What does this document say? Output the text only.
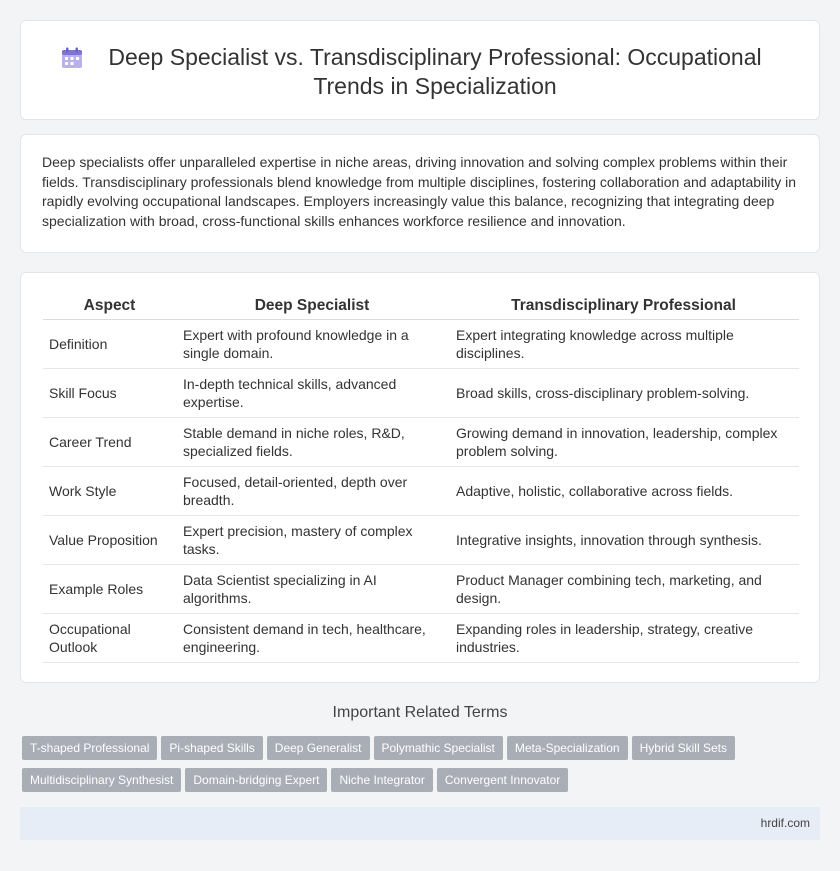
Deep Specialist vs. Transdisciplinary Professional: Occupational Trends in Specialization

Deep specialists offer unparalleled expertise in niche areas, driving innovation and solving complex problems within their fields. Transdisciplinary professionals blend knowledge from multiple disciplines, fostering collaboration and adaptability in rapidly evolving occupational landscapes. Employers increasingly value this balance, recognizing that integrating deep specialization with broad, cross-functional skills enhances workforce resilience and innovation.

Aspect	Deep Specialist	Transdisciplinary Professional
Definition	Expert with profound knowledge in a single domain.	Expert integrating knowledge across multiple disciplines.
Skill Focus	In-depth technical skills, advanced expertise.	Broad skills, cross-disciplinary problem-solving.
Career Trend	Stable demand in niche roles, R&D, specialized fields.	Growing demand in innovation, leadership, complex problem solving.
Work Style	Focused, detail-oriented, depth over breadth.	Adaptive, holistic, collaborative across fields.
Value Proposition	Expert precision, mastery of complex tasks.	Integrative insights, innovation through synthesis.
Example Roles	Data Scientist specializing in AI algorithms.	Product Manager combining tech, marketing, and design.
Occupational Outlook	Consistent demand in tech, healthcare, engineering.	Expanding roles in leadership, strategy, creative industries.
Important Related Terms
T-shaped Professional Pi-shaped Skills Deep Generalist Polymathic Specialist Meta-Specialization Hybrid Skill Sets
Multidisciplinary Synthesist Domain-bridging Expert Niche Integrator Convergent Innovator
hrdif.com
